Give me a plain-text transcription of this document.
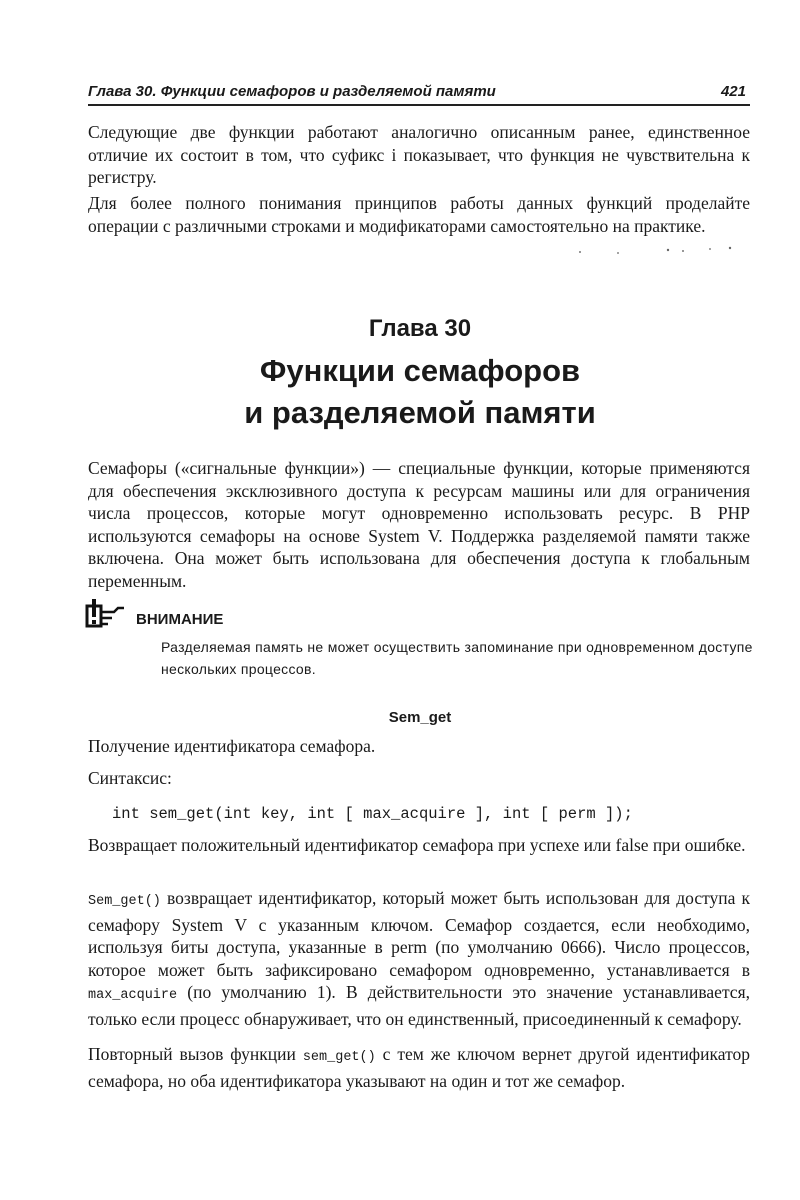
Глава 30. Функции семафоров и разделяемой памяти	421

Следующие две функции работают аналогично описанным ранее, единственное отличие их состоит в том, что суфикс i показывает, что функция не чувствительна к регистру.

Для более полного понимания принципов работы данных функций проделайте операции с различными строками и модификаторами самостоятельно на практике.

Глава 30
Функции семафоров
и разделяемой памяти

Семафоры («сигнальные функции») — специальные функции, которые применяются для обеспечения эксклюзивного доступа к ресурсам машины или для ограничения числа процессов, которые могут одновременно использовать ресурс. В PHP используются семафоры на основе System V. Поддержка разделяемой памяти также включена. Она может быть использована для обеспечения доступа к глобальным переменным.

ВНИМАНИЕ
Разделяемая память не может осуществить запоминание при одновременном доступе нескольких процессов.
Sem_get

Получение идентификатора семафора.

Синтаксис:

int sem_get(int key, int [ max_acquire ], int [ perm ]);

Возвращает положительный идентификатор семафора при успехе или false при ошибке.

Sem_get() возвращает идентификатор, который может быть использован для доступа к семафору System V с указанным ключом. Семафор создается, если необходимо, используя биты доступа, указанные в perm (по умолчанию 0666). Число процессов, которое может быть зафиксировано семафором одновременно, устанавливается в max_acquire (по умолчанию 1). В действительности это значение устанавливается, только если процесс обнаруживает, что он единственный, присоединенный к семафору.

Повторный вызов функции sem_get() с тем же ключом вернет другой идентификатор семафора, но оба идентификатора указывают на один и тот же семафор.
